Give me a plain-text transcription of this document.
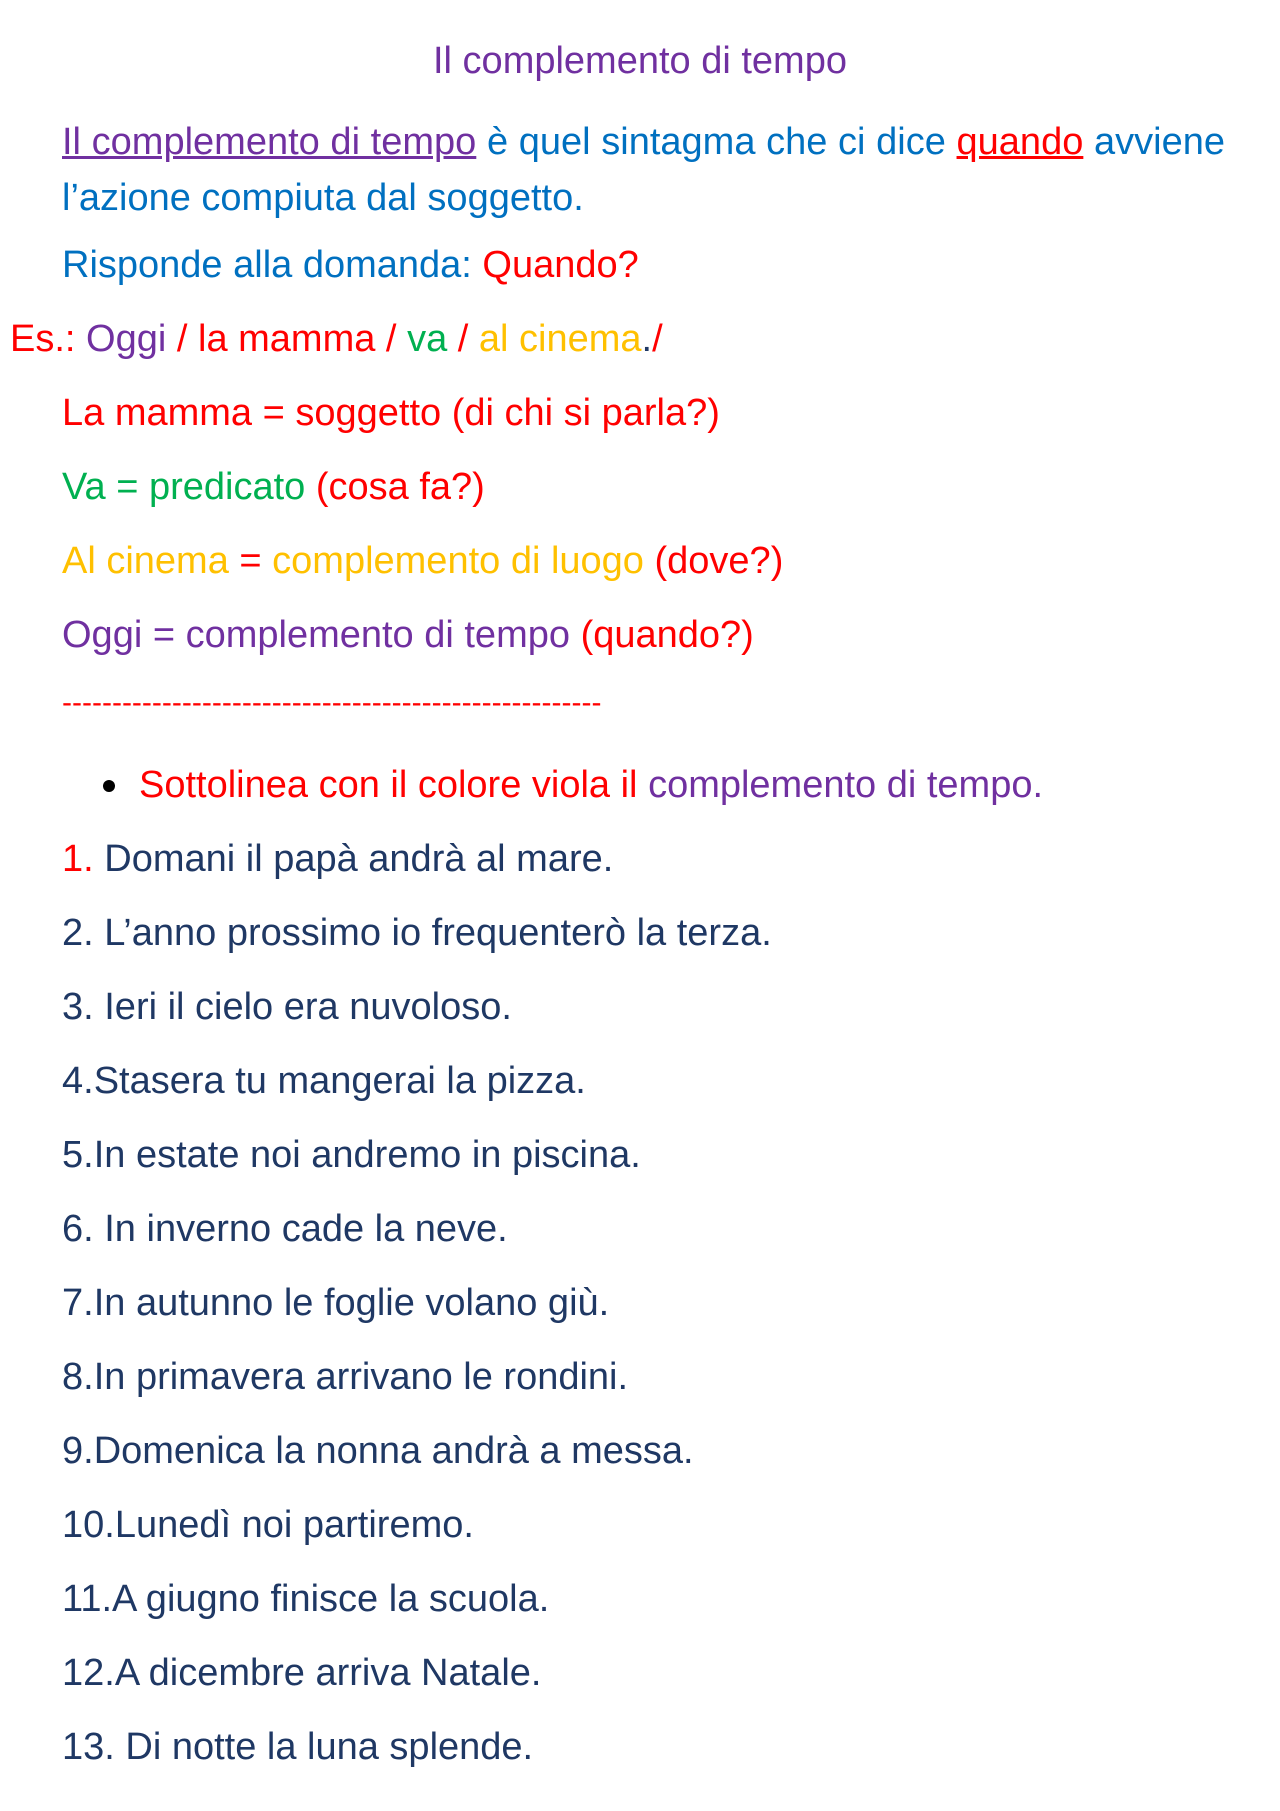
Il complemento di tempo
Il complemento di tempo è quel sintagma che ci dice quando avviene l’azione compiuta dal soggetto.
Risponde alla domanda: Quando?
Es.: Oggi / la mamma / va / al cinema./
La mamma = soggetto (di chi si parla?)
Va = predicato (cosa fa?)
Al cinema = complemento di luogo (dove?)
Oggi = complemento di tempo (quandо?)
------------------------------------------------------
Sottolinea con il colore viola il complemento di tempo.
1. Domani il papà andrà al mare.
2. L’anno prossimo io frequenterò la terza.
3. Ieri il cielo era nuvoloso.
4.Stasera tu mangerai la pizza.
5.In estate noi andremo in piscina.
6. In inverno cade la neve.
7.In autunno le foglie volano giù.
8.In primavera arrivano le rondini.
9.Domenica la nonna andrà a messa.
10.Lunedì noi partiremo.
11.A giugno finisce la scuola.
12.A dicembre arriva Natale.
13. Di notte la luna splende.
